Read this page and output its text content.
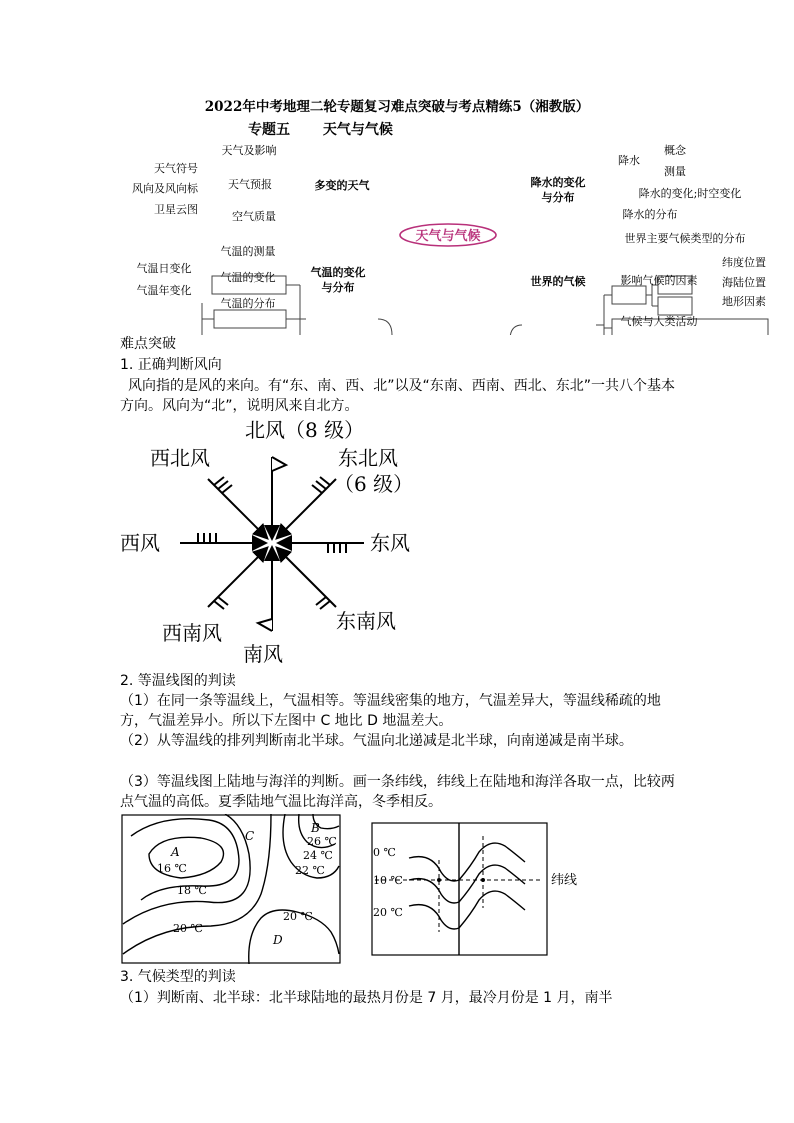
2022年中考地理二轮专题复习难点突破与考点精练5（湘教版）
专题五 天气与气候
天气与气候
天气及影响
天气预报
空气质量
天气符号
风向及风向标
卫星云图
气温的测量
气温的变化
气温的分布
气温日变化
气温年变化
多变的天气
气温的变化
与分布
降水的变化
与分布
世界的气候
降水
概念
测量
降水的变化;时空变化
降水的分布
世界主要气候类型的分布
影响气候的因素
气候与人类活动
纬度位置
海陆位置
地形因素
难点突破
1. 正确判断风向
风向指的是风的来向。有“东、南、西、北”以及“东南、西南、西北、东北”一共八个基本方向。风向为“北”，说明风来自北方。
北风（8 级）
西北风	东北风
（6 级）
西风	东风
西南风	东南风
南风
2. 等温线图的判读
（1）在同一条等温线上，气温相等。等温线密集的地方，气温差异大，等温线稀疏的地方，气温差异小。所以下左图中 C 地比 D 地温差大。
（2）从等温线的排列判断南北半球。气温向北递减是北半球，向南递减是南半球。
（3）等温线图上陆地与海洋的判断。画一条纬线，纬线上在陆地和海洋各取一点，比较两点气温的高低。夏季陆地气温比海洋高，冬季相反。
A
B
C
D
16 ℃
18 ℃
20 ℃
20 ℃
22 ℃
24 ℃
26 ℃
0 ℃
10 ℃
20 ℃
纬线
3. 气候类型的判读
（1）判断南、北半球：北半球陆地的最热月份是 7 月，最冷月份是 1 月，南半
